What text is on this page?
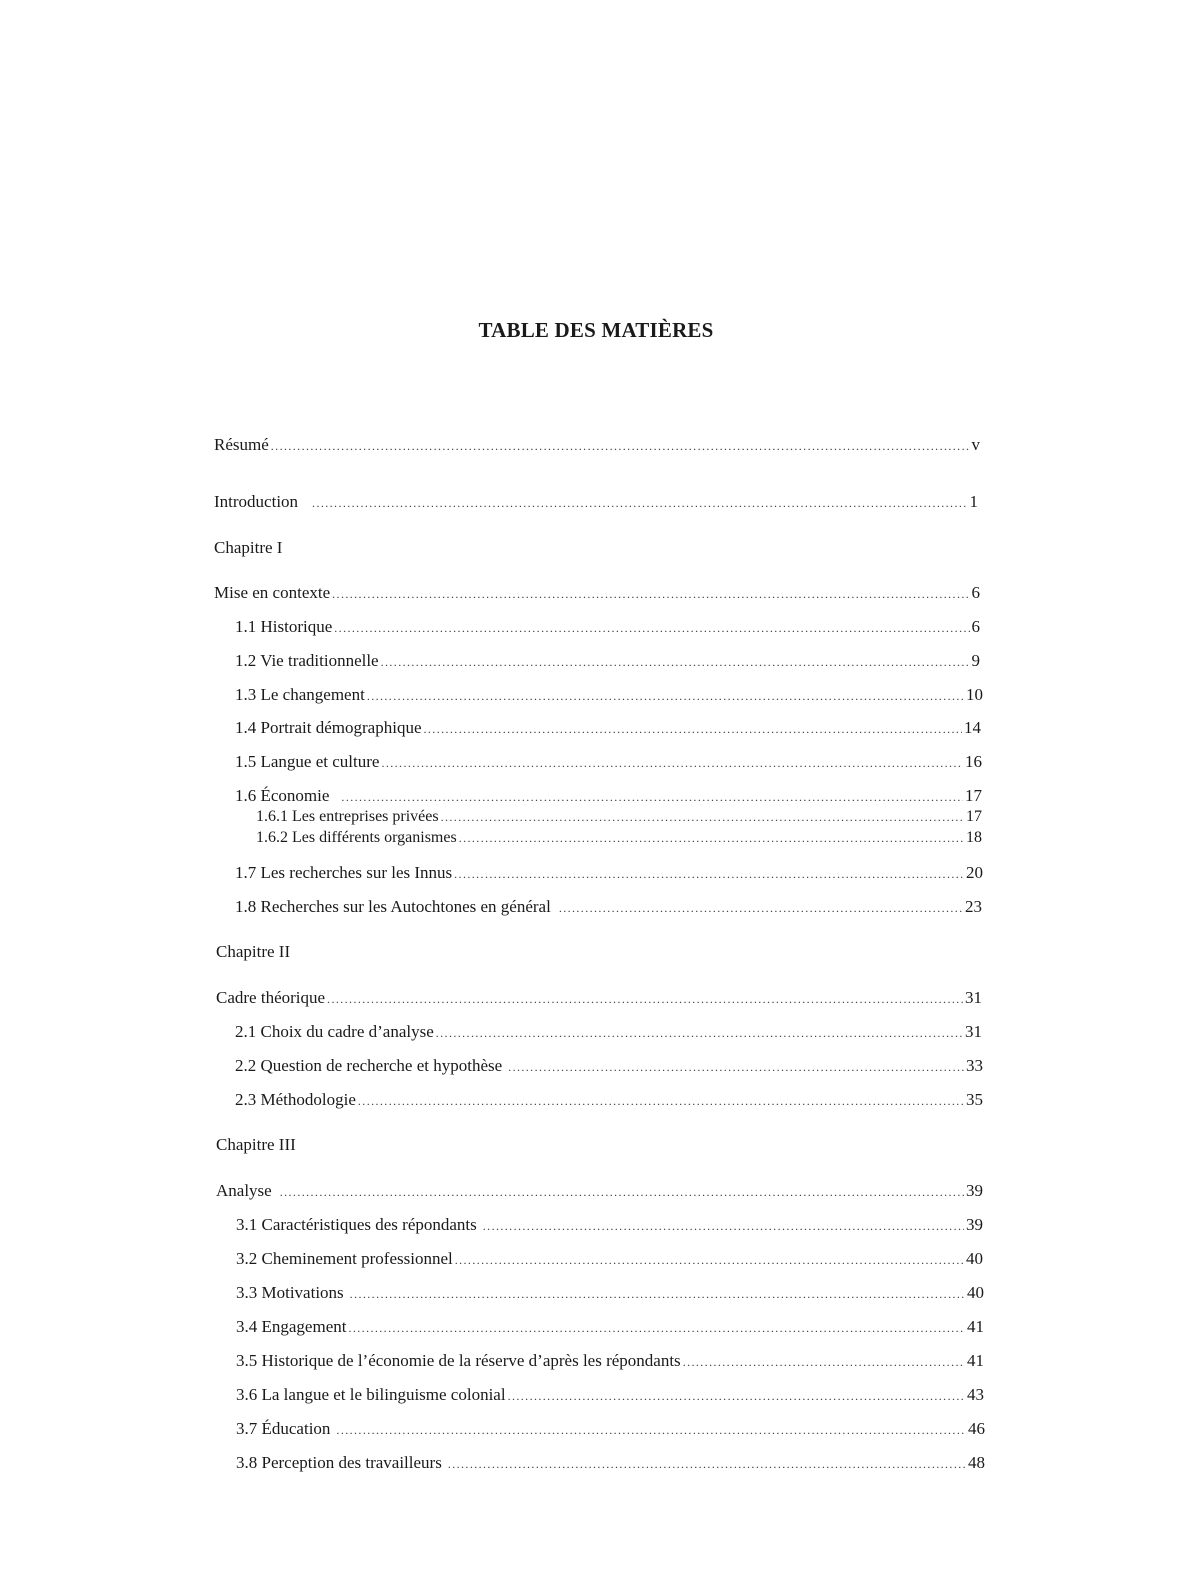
TABLE DES MATIÈRES
Résumé .....	v
Introduction .....	1
Chapitre I
Mise en contexte .....	6
1.1 Historique .....	6
1.2 Vie traditionnelle .....	9
1.3 Le changement .....	10
1.4 Portrait démographique .....	14
1.5 Langue et culture .....	16
1.6 Économie .....	17
1.6.1 Les entreprises privées .....	17
1.6.2 Les différents organismes .....	18
1.7 Les recherches sur les Innus .....	20
1.8 Recherches sur les Autochtones en général .....	23
Chapitre II
Cadre théorique .....	31
2.1 Choix du cadre d’analyse .....	31
2.2 Question de recherche et hypothèse .....	33
2.3 Méthodologie .....	35
Chapitre III
Analyse .....	39
3.1 Caractéristiques des répondants .....	39
3.2 Cheminement professionnel .....	40
3.3 Motivations .....	40
3.4 Engagement .....	41
3.5 Historique de l’économie de la réserve d’après les répondants .....	41
3.6 La langue et le bilinguisme colonial .....	43
3.7 Éducation .....	46
3.8 Perception des travailleurs .....	48
